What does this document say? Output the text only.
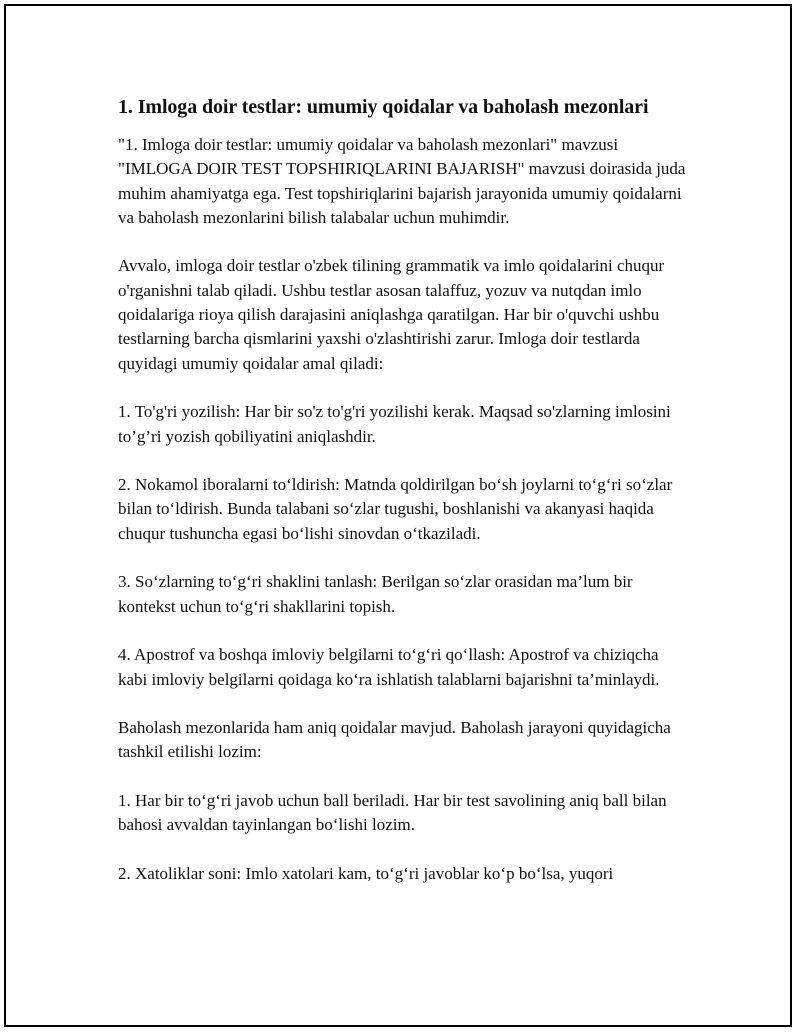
1. Imloga doir testlar: umumiy qoidalar va baholash mezonlari

"1. Imloga doir testlar: umumiy qoidalar va baholash mezonlari" mavzusi "IMLOGA DOIR TEST TOPSHIRIQLARINI BAJARISH" mavzusi doirasida juda muhim ahamiyatga ega. Test topshiriqlarini bajarish jarayonida umumiy qoidalarni va baholash mezonlarini bilish talabalar uchun muhimdir.

Avvalo, imloga doir testlar o'zbek tilining grammatik va imlo qoidalarini chuqur o'rganishni talab qiladi. Ushbu testlar asosan talaffuz, yozuv va nutqdan imlo qoidalariga rioya qilish darajasini aniqlashga qaratilgan. Har bir o'quvchi ushbu testlarning barcha qismlarini yaxshi o'zlashtirishi zarur. Imloga doir testlarda quyidagi umumiy qoidalar amal qiladi:

1. To'g'ri yozilish: Har bir so'z to'g'ri yozilishi kerak. Maqsad so'zlarning imlosini to’g’ri yozish qobiliyatini aniqlashdir.

2. Nokamol iboralarni to‘ldirish: Matnda qoldirilgan bo‘sh joylarni to‘g‘ri so‘zlar bilan to‘ldirish. Bunda talabani so‘zlar tugushi, boshlanishi va akanyasi haqida chuqur tushuncha egasi bo‘lishi sinovdan o‘tkaziladi.

3. So‘zlarning to‘g‘ri shaklini tanlash: Berilgan so‘zlar orasidan ma’lum bir kontekst uchun to‘g‘ri shakllarini topish.

4. Apostrof va boshqa imloviy belgilarni to‘g‘ri qo‘llash: Apostrof va chiziqcha kabi imloviy belgilarni qoidaga ko‘ra ishlatish talablarni bajarishni ta’minlaydi.

Baholash mezonlarida ham aniq qoidalar mavjud. Baholash jarayoni quyidagicha tashkil etilishi lozim:

1. Har bir to‘g‘ri javob uchun ball beriladi. Har bir test savolining aniq ball bilan bahosi avvaldan tayinlangan bo‘lishi lozim.

2. Xatoliklar soni: Imlo xatolari kam, to‘g‘ri javoblar ko‘p bo‘lsa, yuqori
